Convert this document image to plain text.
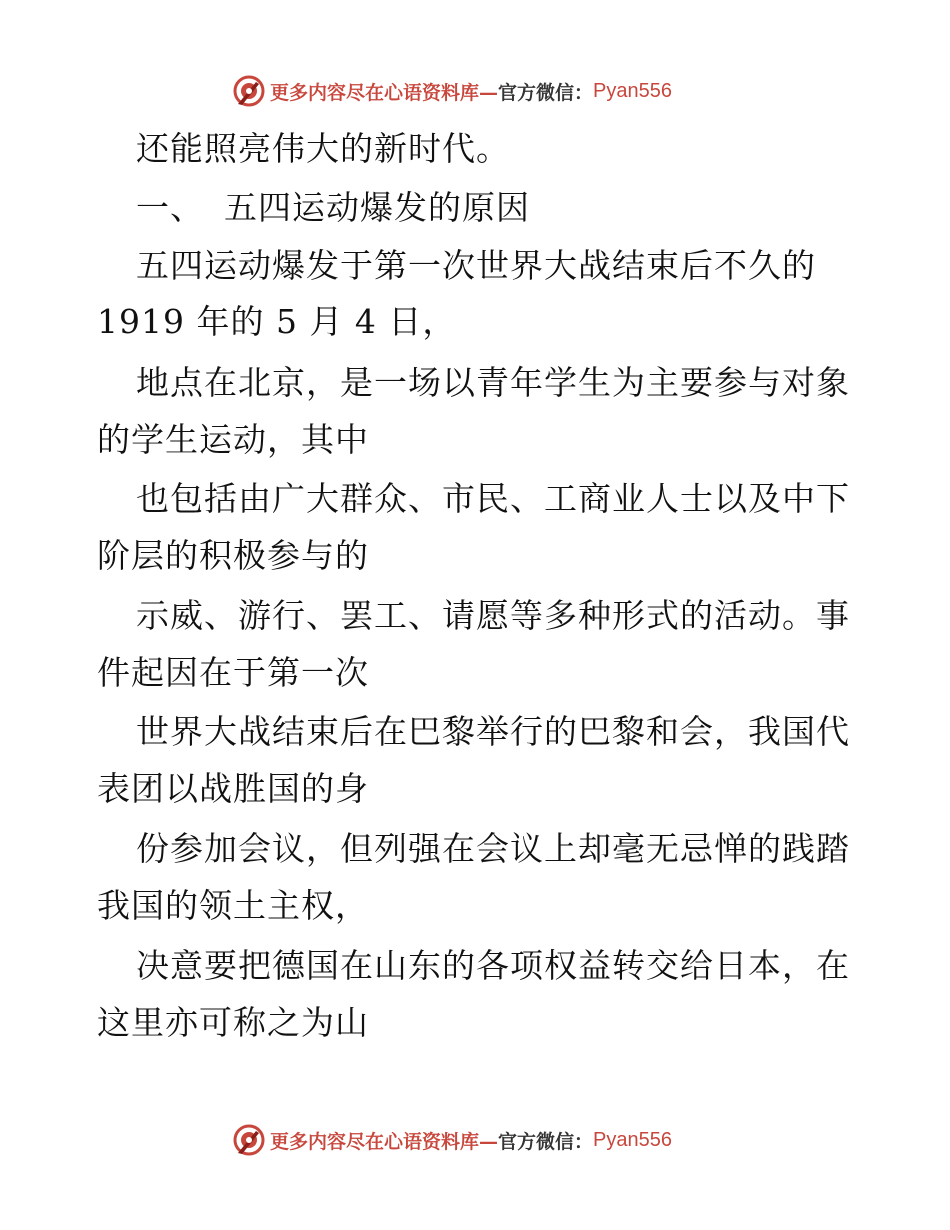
更多内容尽在心语资料库— 官方微信： Pyan556
还能照亮伟大的新时代。
一、 五四运动爆发的原因
五四运动爆发于第一次世界大战结束后不久的
1919 年的 5 月 4 日，
地点在北京，是一场以青年学生为主要参与对象
的学生运动，其中
也包括由广大群众、市民、工商业人士以及中下
阶层的积极参与的
示威、游行、罢工、请愿等多种形式的活动。事
件起因在于第一次
世界大战结束后在巴黎举行的巴黎和会，我国代
表团以战胜国的身
份参加会议，但列强在会议上却毫无忌惮的践踏
我国的领土主权，
决意要把德国在山东的各项权益转交给日本，在
这里亦可称之为山
更多内容尽在心语资料库— 官方微信： Pyan556
